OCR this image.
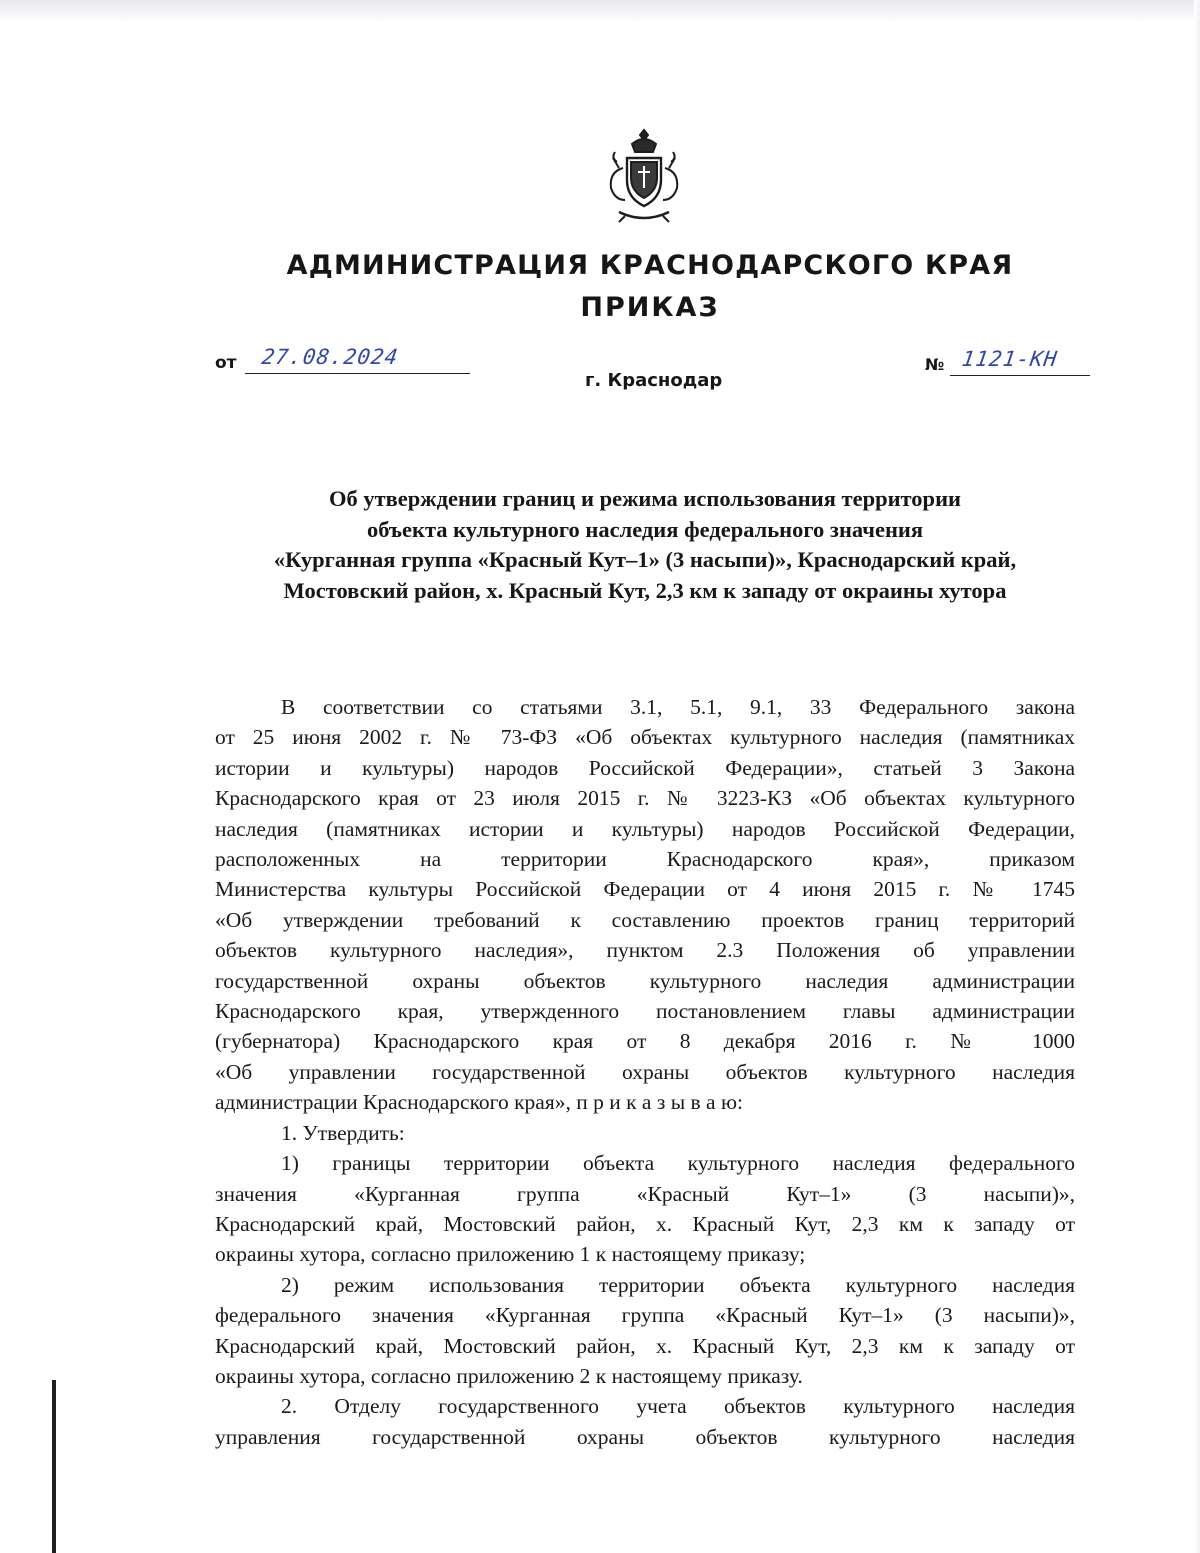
АДМИНИСТРАЦИЯ КРАСНОДАРСКОГО КРАЯ
ПРИКАЗ
от 27.08.2024
г. Краснодар
№ 1121-КН
Об утверждении границ и режима использования территории
объекта культурного наследия федерального значения
«Курганная группа «Красный Кут–1» (3 насыпи)», Краснодарский край,
Мостовский район, х. Красный Кут, 2,3 км к западу от окраины хутора
В соответствии со статьями 3.1, 5.1, 9.1, 33 Федерального закона
от 25 июня 2002 г. № 73-ФЗ «Об объектах культурного наследия (памятниках
истории и культуры) народов Российской Федерации», статьей 3 Закона
Краснодарского края от 23 июля 2015 г. № 3223-КЗ «Об объектах культурного
наследия (памятниках истории и культуры) народов Российской Федерации,
расположенных на территории Краснодарского края», приказом
Министерства культуры Российской Федерации от 4 июня 2015 г. № 1745
«Об утверждении требований к составлению проектов границ территорий
объектов культурного наследия», пунктом 2.3 Положения об управлении
государственной охраны объектов культурного наследия администрации
Краснодарского края, утвержденного постановлением главы администрации
(губернатора) Краснодарского края от 8 декабря 2016 г. № 1000
«Об управлении государственной охраны объектов культурного наследия
администрации Краснодарского края», п р и к а з ы в а ю:
1. Утвердить:
1) границы территории объекта культурного наследия федерального
значения «Курганная группа «Красный Кут–1» (3 насыпи)»,
Краснодарский край, Мостовский район, х. Красный Кут, 2,3 км к западу от
окраины хутора, согласно приложению 1 к настоящему приказу;
2) режим использования территории объекта культурного наследия
федерального значения «Курганная группа «Красный Кут–1» (3 насыпи)»,
Краснодарский край, Мостовский район, х. Красный Кут, 2,3 км к западу от
окраины хутора, согласно приложению 2 к настоящему приказу.
2. Отделу государственного учета объектов культурного наследия
управления государственной охраны объектов культурного наследия
